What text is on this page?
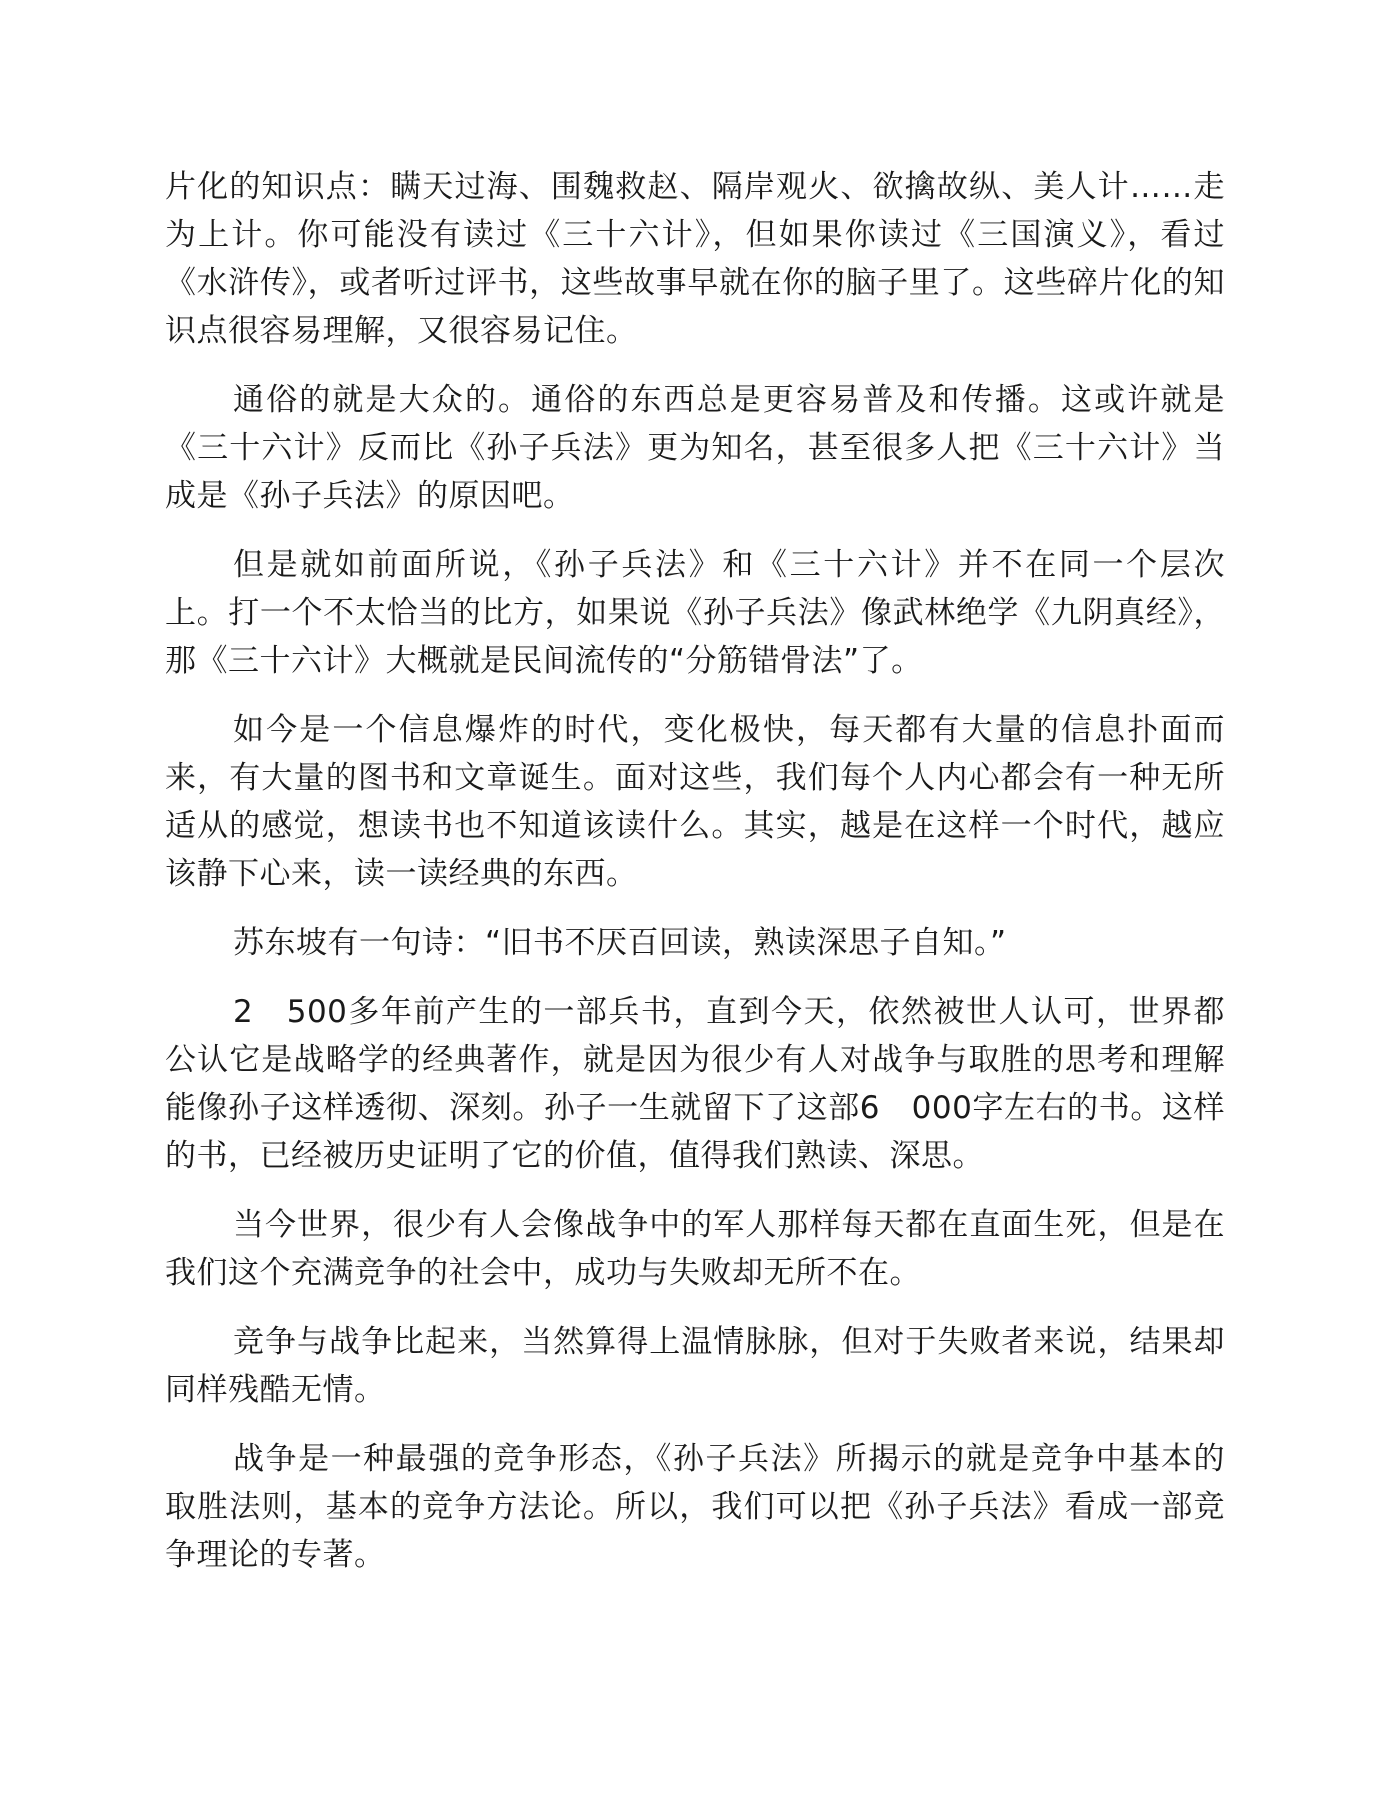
片化的知识点：瞒天过海、围魏救赵、隔岸观火、欲擒故纵、美人计……走为上计。你可能没有读过《三十六计》，但如果你读过《三国演义》，看过《水浒传》，或者听过评书，这些故事早就在你的脑子里了。这些碎片化的知识点很容易理解，又很容易记住。

通俗的就是大众的。通俗的东西总是更容易普及和传播。这或许就是《三十六计》反而比《孙子兵法》更为知名，甚至很多人把《三十六计》当成是《孙子兵法》的原因吧。

但是就如前面所说，《孙子兵法》和《三十六计》并不在同一个层次上。打一个不太恰当的比方，如果说《孙子兵法》像武林绝学《九阴真经》，那《三十六计》大概就是民间流传的“分筋错骨法”了。

如今是一个信息爆炸的时代，变化极快，每天都有大量的信息扑面而来，有大量的图书和文章诞生。面对这些，我们每个人内心都会有一种无所适从的感觉，想读书也不知道该读什么。其实，越是在这样一个时代，越应该静下心来，读一读经典的东西。

苏东坡有一句诗：“旧书不厌百回读，熟读深思子自知。”

2　500多年前产生的一部兵书，直到今天，依然被世人认可，世界都公认它是战略学的经典著作，就是因为很少有人对战争与取胜的思考和理解能像孙子这样透彻、深刻。孙子一生就留下了这部6　000字左右的书。这样的书，已经被历史证明了它的价值，值得我们熟读、深思。

当今世界，很少有人会像战争中的军人那样每天都在直面生死，但是在我们这个充满竞争的社会中，成功与失败却无所不在。

竞争与战争比起来，当然算得上温情脉脉，但对于失败者来说，结果却同样残酷无情。

战争是一种最强的竞争形态，《孙子兵法》所揭示的就是竞争中基本的取胜法则，基本的竞争方法论。所以，我们可以把《孙子兵法》看成一部竞争理论的专著。
